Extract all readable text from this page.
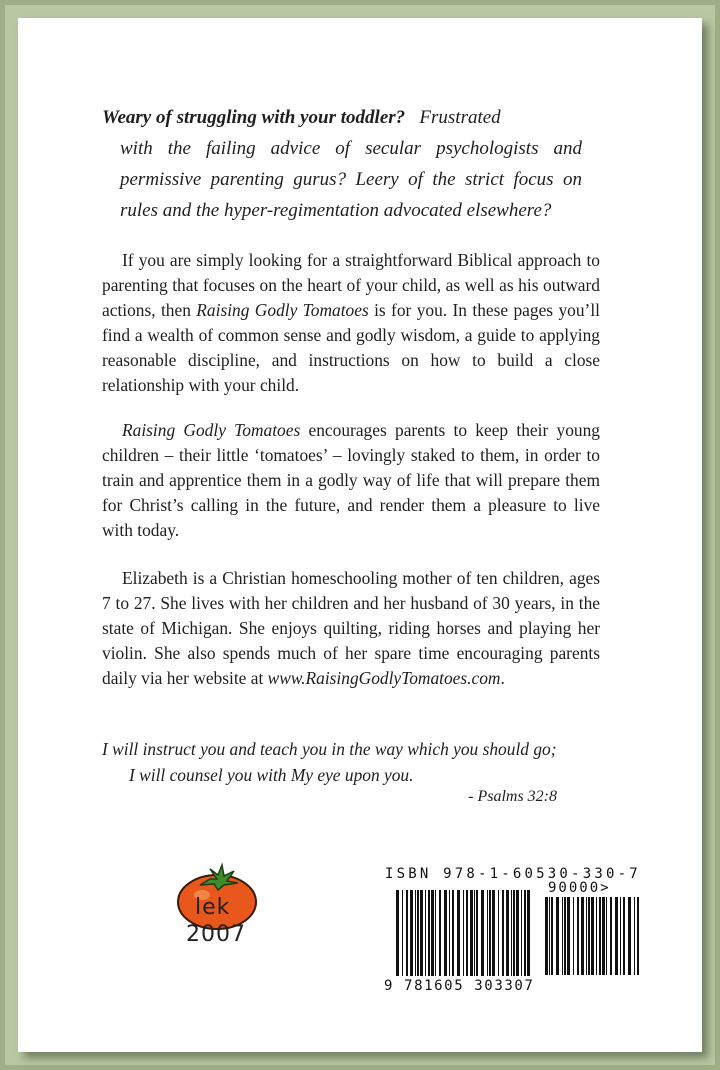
Weary of struggling with your toddler? Frustrated
with the failing advice of secular psychologists and permissive parenting gurus? Leery of the strict focus on rules and the hyper-regimentation advocated elsewhere?

If you are simply looking for a straightforward Biblical approach to parenting that focuses on the heart of your child, as well as his outward actions, then Raising Godly Tomatoes is for you. In these pages you’ll find a wealth of common sense and godly wisdom, a guide to applying reasonable discipline, and instructions on how to build a close relationship with your child.

Raising Godly Tomatoes encourages parents to keep their young children – their little ‘tomatoes’ – lovingly staked to them, in order to train and apprentice them in a godly way of life that will prepare them for Christ’s calling in the future, and render them a pleasure to live with today.

Elizabeth is a Christian homeschooling mother of ten children, ages 7 to 27. She lives with her children and her husband of 30 years, in the state of Michigan. She enjoys quilting, riding horses and playing her violin. She also spends much of her spare time encouraging parents daily via her website at www.RaisingGodlyTomatoes.com.

I will instruct you and teach you in the way which you should go;
I will counsel you with My eye upon you.
- Psalms 32:8
lek
2007
ISBN 978-1-60530-330-7
90000>
9 781605 303307
